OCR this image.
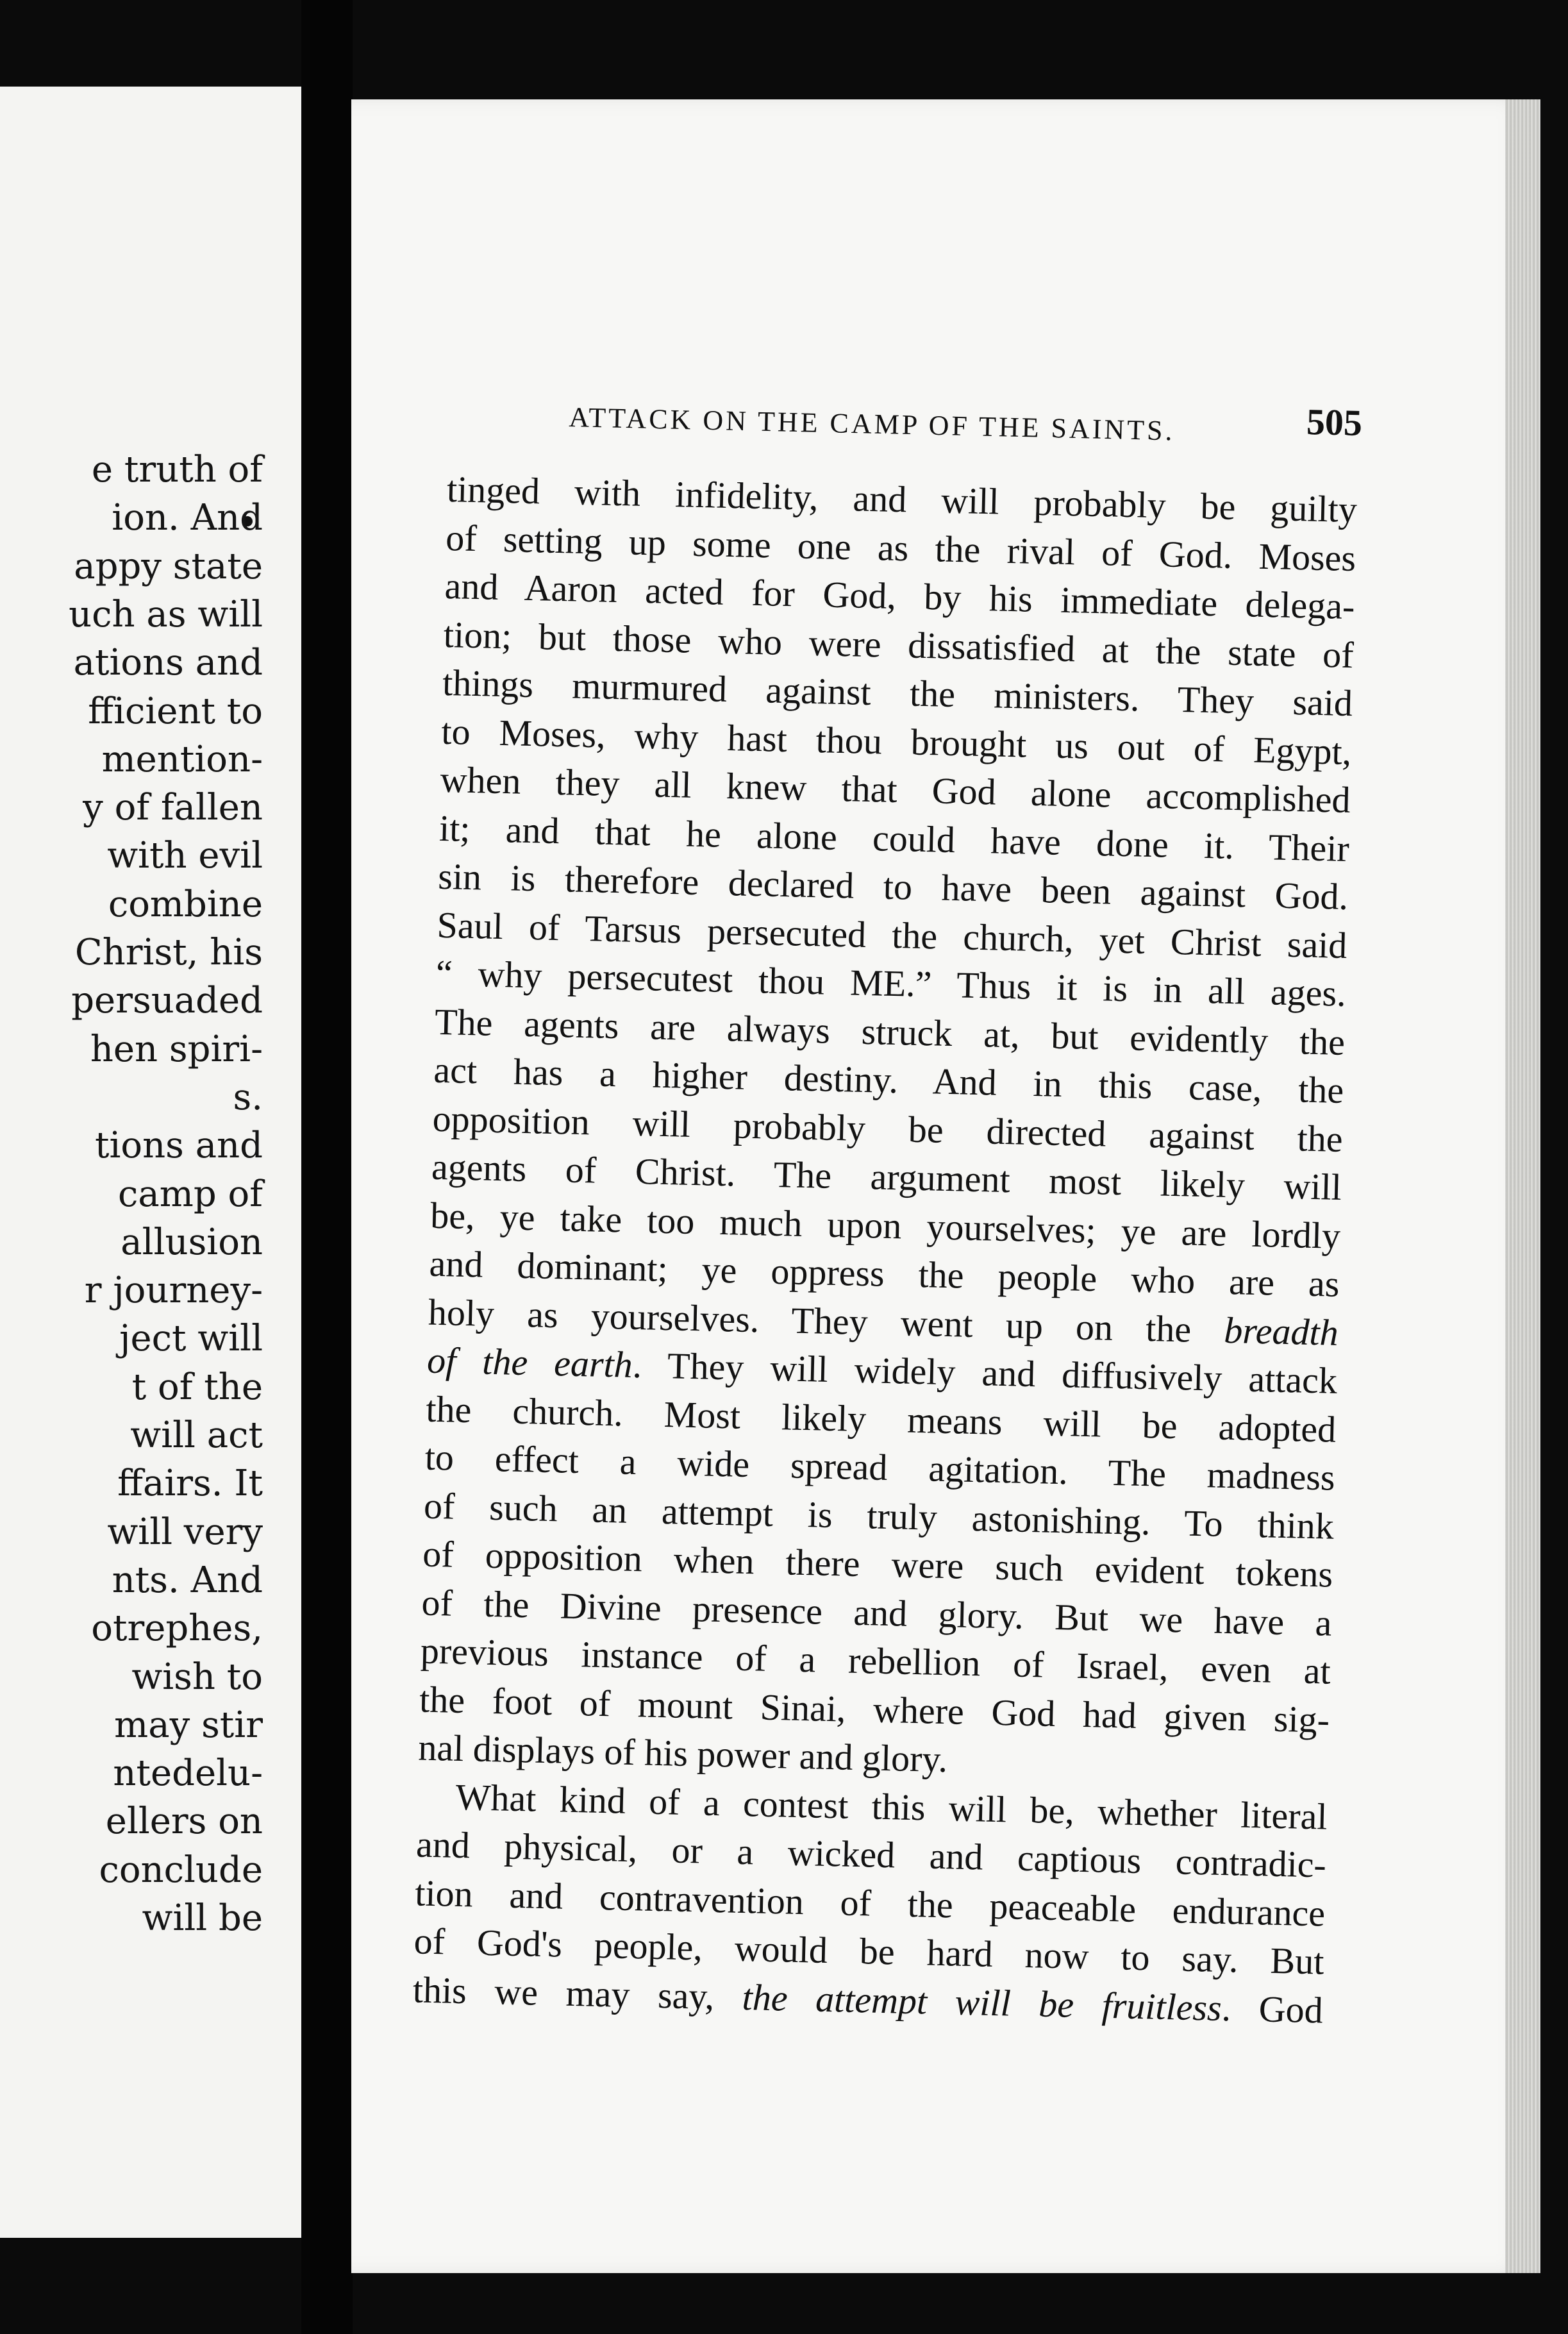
e truth of
ion. And
appy state
uch as will
ations and
fficient to
mention-
y of fallen
with evil
combine
Christ, his
persuaded
hen spiri-
s.
tions and
camp of
allusion
r journey-
ject will
t of the
will act
ffairs. It
will very
nts. And
otrephes,
wish to
may stir
ntedelu-
ellers on
conclude
will be
ATTACK ON THE CAMP OF THE SAINTS.	505
tinged with infidelity, and will probably be guilty
of setting up some one as the rival of God. Moses
and Aaron acted for God, by his immediate delega-
tion; but those who were dissatisfied at the state of
things murmured against the ministers. They said
to Moses, why hast thou brought us out of Egypt,
when they all knew that God alone accomplished
it; and that he alone could have done it. Their
sin is therefore declared to have been against God.
Saul of Tarsus persecuted the church, yet Christ said
“ why persecutest thou ME.” Thus it is in all ages.
The agents are always struck at, but evidently the
act has a higher destiny. And in this case, the
opposition will probably be directed against the
agents of Christ. The argument most likely will
be, ye take too much upon yourselves; ye are lordly
and dominant; ye oppress the people who are as
holy as yourselves. They went up on the breadth
of the earth. They will widely and diffusively attack
the church. Most likely means will be adopted
to effect a wide spread agitation. The madness
of such an attempt is truly astonishing. To think
of opposition when there were such evident tokens
of the Divine presence and glory. But we have a
previous instance of a rebellion of Israel, even at
the foot of mount Sinai, where God had given sig-
nal displays of his power and glory.
What kind of a contest this will be, whether literal
and physical, or a wicked and captious contradic-
tion and contravention of the peaceable endurance
of God's people, would be hard now to say. But
this we may say, the attempt will be fruitless. God
